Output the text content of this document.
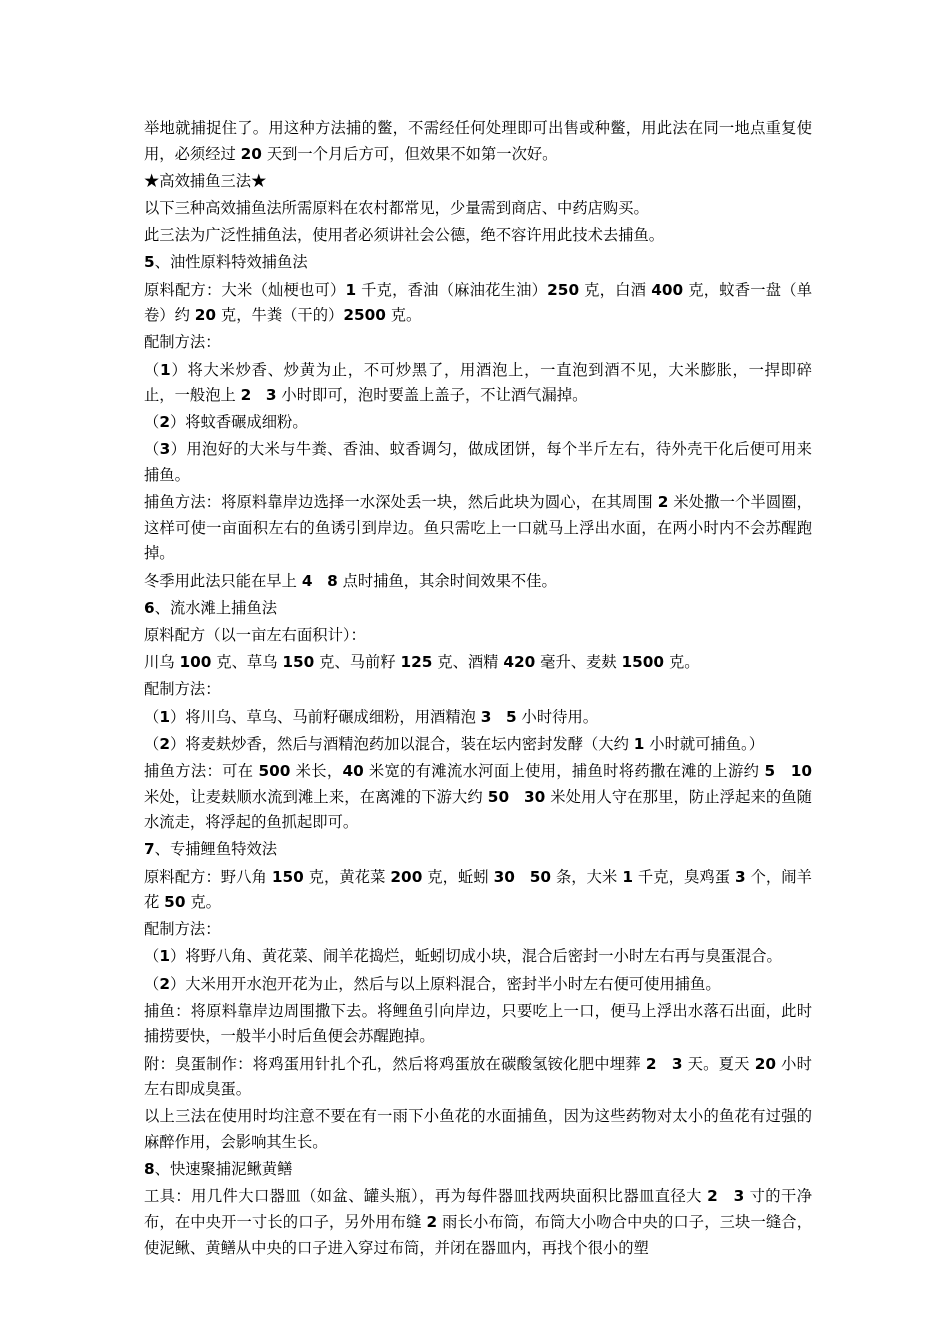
举地就捕捉住了。用这种方法捕的鳖，不需经任何处理即可出售或种鳖，用此法在同一地点重复使用，必须经过 20 天到一个月后方可，但效果不如第一次好。

★高效捕鱼三法★

以下三种高效捕鱼法所需原料在农村都常见，少量需到商店、中药店购买。

此三法为广泛性捕鱼法，使用者必须讲社会公德，绝不容许用此技术去捕鱼。

5、油性原料特效捕鱼法

原料配方：大米（灿梗也可）1 千克，香油（麻油花生油）250 克，白酒 400 克，蚊香一盘（单卷）约 20 克，牛粪（干的）2500 克。

配制方法：

（1）将大米炒香、炒黄为止，不可炒黑了，用酒泡上，一直泡到酒不见，大米膨胀，一捍即碎止，一般泡上 2 3 小时即可，泡时要盖上盖子，不让酒气漏掉。

（2）将蚊香碾成细粉。

（3）用泡好的大米与牛粪、香油、蚊香调匀，做成团饼，每个半斤左右，待外壳干化后便可用来捕鱼。

捕鱼方法：将原料靠岸边选择一水深处丢一块，然后此块为圆心，在其周围 2 米处撒一个半圆圈，这样可使一亩面积左右的鱼诱引到岸边。鱼只需吃上一口就马上浮出水面，在两小时内不会苏醒跑掉。

冬季用此法只能在早上 4 8 点时捕鱼，其余时间效果不佳。

6、流水滩上捕鱼法

原料配方（以一亩左右面积计）：

川乌 100 克、草乌 150 克、马前籽 125 克、酒精 420 毫升、麦麸 1500 克。

配制方法：

（1）将川乌、草乌、马前籽碾成细粉，用酒精泡 3 5 小时待用。

（2）将麦麸炒香，然后与酒精泡药加以混合，装在坛内密封发酵（大约 1 小时就可捕鱼。）

捕鱼方法：可在 500 米长，40 米宽的有滩流水河面上使用，捕鱼时将药撒在滩的上游约 5 10 米处，让麦麸顺水流到滩上来，在离滩的下游大约 50 30 米处用人守在那里，防止浮起来的鱼随水流走，将浮起的鱼抓起即可。

7、专捕鲤鱼特效法

原料配方：野八角 150 克，黄花菜 200 克，蚯蚓 30 50 条，大米 1 千克，臭鸡蛋 3 个，闹羊花 50 克。

配制方法：

（1）将野八角、黄花菜、闹羊花捣烂，蚯蚓切成小块，混合后密封一小时左右再与臭蛋混合。

（2）大米用开水泡开花为止，然后与以上原料混合，密封半小时左右便可使用捕鱼。

捕鱼：将原料靠岸边周围撒下去。将鲤鱼引向岸边，只要吃上一口，便马上浮出水落石出面，此时捕捞要快，一般半小时后鱼便会苏醒跑掉。

附：臭蛋制作：将鸡蛋用针扎个孔，然后将鸡蛋放在碳酸氢铵化肥中埋葬 2 3 天。夏天 20 小时左右即成臭蛋。

以上三法在使用时均注意不要在有一雨下小鱼花的水面捕鱼，因为这些药物对太小的鱼花有过强的麻醉作用，会影响其生长。

8、快速聚捕泥鳅黄鳝

工具：用几件大口器皿（如盆、罐头瓶），再为每件器皿找两块面积比器皿直径大 2 3 寸的干净布，在中央开一寸长的口子，另外用布缝 2 雨长小布筒，布筒大小吻合中央的口子，三块一缝合，使泥鳅、黄鳝从中央的口子进入穿过布筒，并闭在器皿内，再找个很小的塑
